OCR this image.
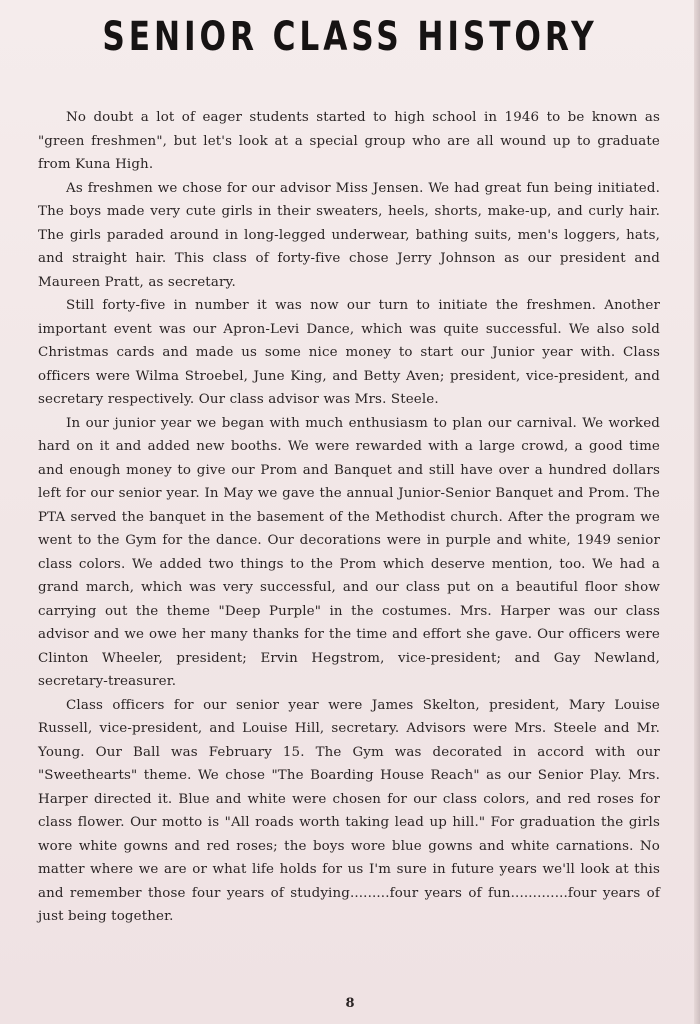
SENIOR CLASS HISTORY

No doubt a lot of eager students started to high school in 1946 to be known as "green freshmen", but let's look at a special group who are all wound up to graduate from Kuna High.

As freshmen we chose for our advisor Miss Jensen. We had great fun being initiated. The boys made very cute girls in their sweaters, heels, shorts, make-up, and curly hair. The girls paraded around in long-legged underwear, bathing suits, men's loggers, hats, and straight hair. This class of forty-five chose Jerry Johnson as our president and Maureen Pratt, as secretary.

Still forty-five in number it was now our turn to initiate the freshmen. Another important event was our Apron-Levi Dance, which was quite successful. We also sold Christmas cards and made us some nice money to start our Junior year with. Class officers were Wilma Stroebel, June King, and Betty Aven; president, vice-president, and secretary respectively. Our class advisor was Mrs. Steele.

In our junior year we began with much enthusiasm to plan our carnival. We worked hard on it and added new booths. We were rewarded with a large crowd, a good time and enough money to give our Prom and Banquet and still have over a hundred dollars left for our senior year. In May we gave the annual Junior-Senior Banquet and Prom. The PTA served the banquet in the basement of the Methodist church. After the program we went to the Gym for the dance. Our decorations were in purple and white, 1949 senior class colors. We added two things to the Prom which deserve mention, too. We had a grand march, which was very successful, and our class put on a beautiful floor show carrying out the theme "Deep Purple" in the costumes. Mrs. Harper was our class advisor and we owe her many thanks for the time and effort she gave. Our officers were Clinton Wheeler, president; Ervin Hegstrom, vice-president; and Gay Newland, secretary-treasurer.

Class officers for our senior year were James Skelton, president, Mary Louise Russell, vice-president, and Louise Hill, secretary. Advisors were Mrs. Steele and Mr. Young. Our Ball was February 15. The Gym was decorated in accord with our "Sweethearts" theme. We chose "The Boarding House Reach" as our Senior Play. Mrs. Harper directed it. Blue and white were chosen for our class colors, and red roses for class flower. Our motto is "All roads worth taking lead up hill." For graduation the girls wore white gowns and red roses; the boys wore blue gowns and white carnations. No matter where we are or what life holds for us I'm sure in future years we'll look at this and remember those four years of studying.........four years of fun.............four years of just being together.

8
